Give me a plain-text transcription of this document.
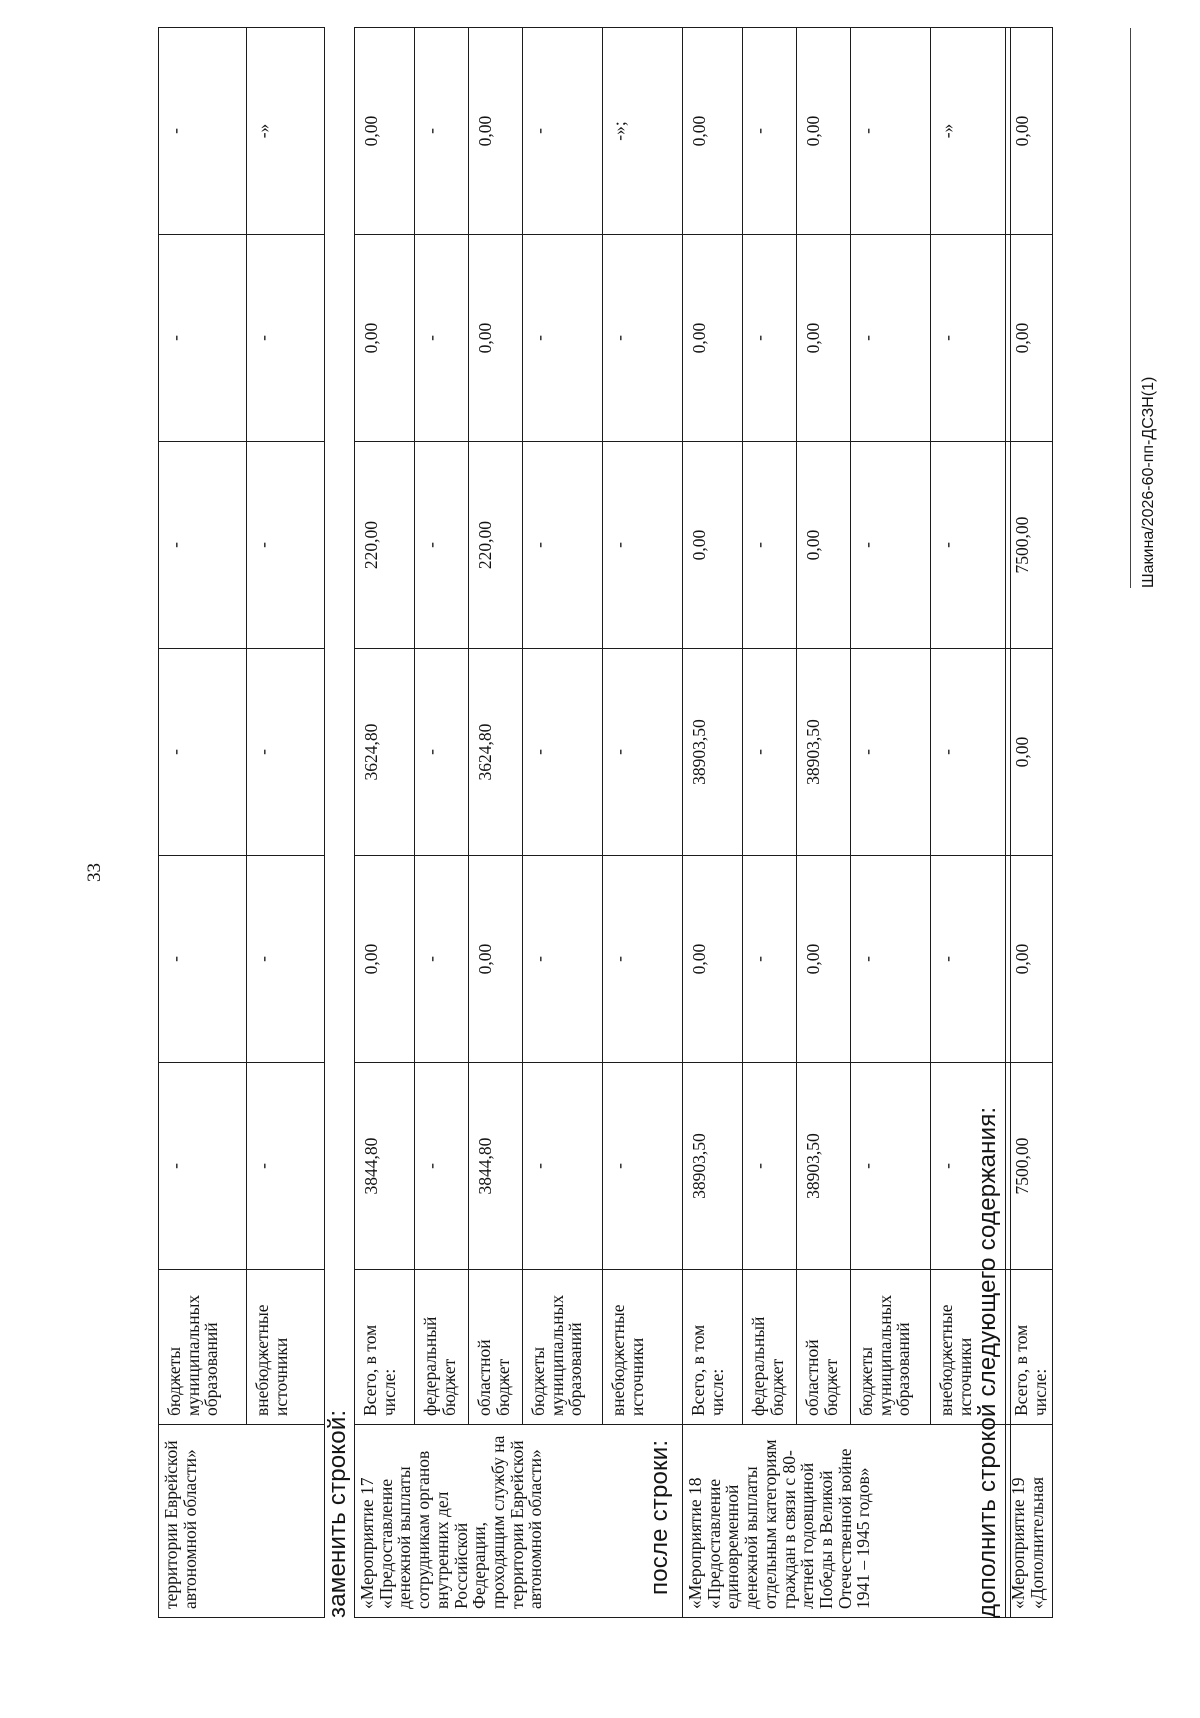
33
территории Еврейской автономной области»	бюджеты муниципальных образований	-	-	-	-	-	-
	внебюджетные источники	-	-	-	-	-	-»
заменить строкой: «Мероприятие 17 «Предоставление денежной выплаты сотрудникам органов внутренних дел Российской Федерации, проходящим службу на территории Еврейской автономной области»	Всего, в том числе:	3844,80	0,00	3624,80	220,00	0,00	0,00
	федеральный бюджет	-	-	-	-	-	-
	областной бюджет	3844,80	0,00	3624,80	220,00	0,00	0,00
	бюджеты муниципальных образований	-	-	-	-	-	-
	внебюджетные источники	-	-	-	-	-	-»;
после строки: «Мероприятие 18 «Предоставление единовременной денежной выплаты отдельным категориям граждан в связи с 80-летней годовщиной Победы в Великой Отечественной войне 1941 – 1945 годов»	Всего, в том числе:	38903,50	0,00	38903,50	0,00	0,00	0,00
	федеральный бюджет	-	-	-	-	-	-
	областной бюджет	38903,50	0,00	38903,50	0,00	0,00	0,00
	бюджеты муниципальных образований	-	-	-	-	-	-
	внебюджетные источники	-	-	-	-	-	-»
дополнить строкой следующего содержания: «Мероприятие 19 «Дополнительная	Всего, в том числе:	7500,00	0,00	0,00	7500,00	0,00	0,00
Шакина/2026-60-пп-ДСЗН(1)
